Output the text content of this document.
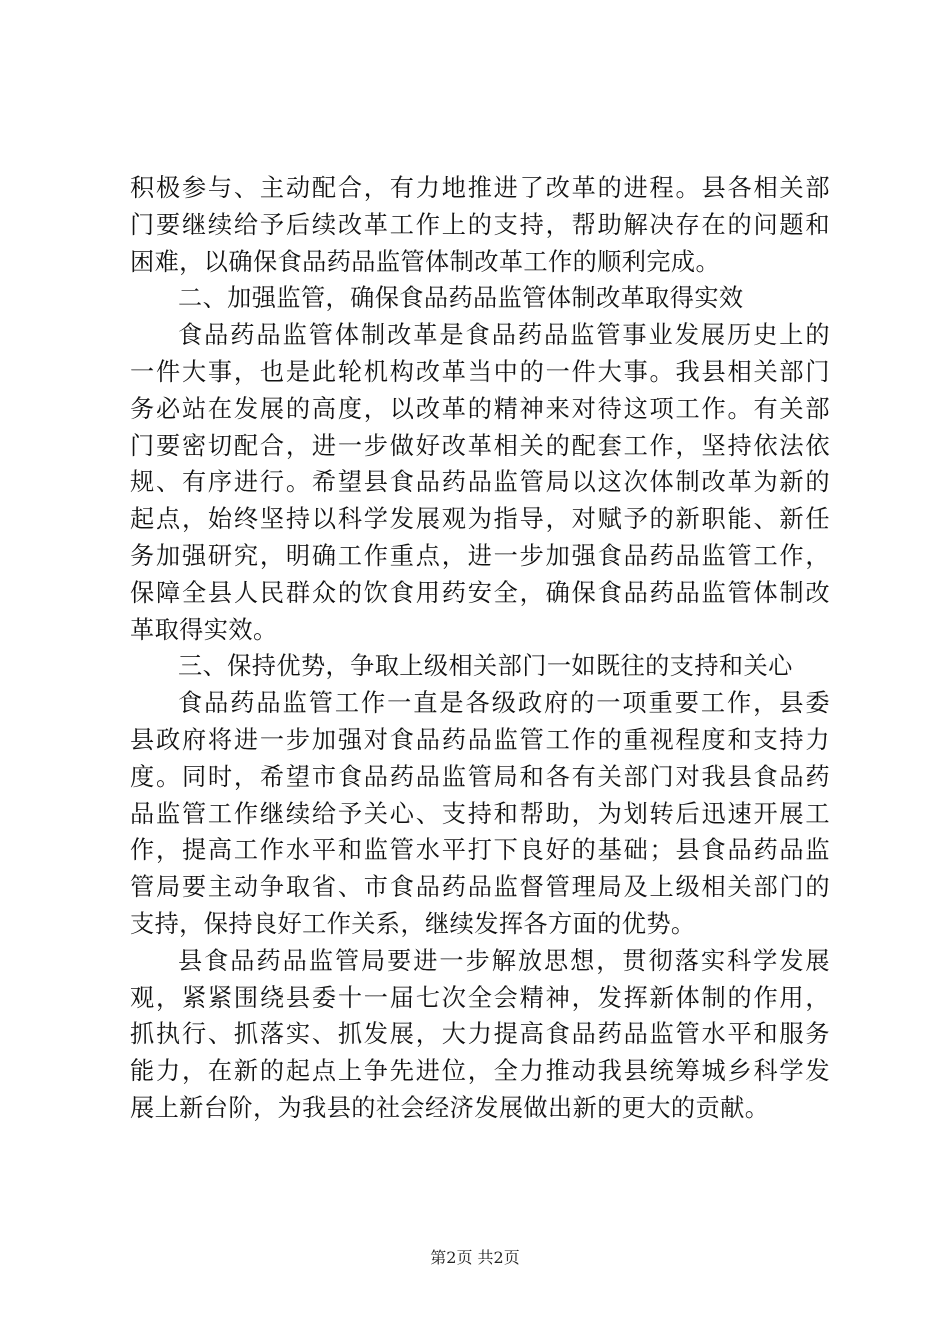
积极参与、主动配合，有力地推进了改革的进程。县各相关部
门要继续给予后续改革工作上的支持，帮助解决存在的问题和
困难，以确保食品药品监管体制改革工作的顺利完成。
二、加强监管，确保食品药品监管体制改革取得实效
食品药品监管体制改革是食品药品监管事业发展历史上的
一件大事，也是此轮机构改革当中的一件大事。我县相关部门
务必站在发展的高度，以改革的精神来对待这项工作。有关部
门要密切配合，进一步做好改革相关的配套工作，坚持依法依
规、有序进行。希望县食品药品监管局以这次体制改革为新的
起点，始终坚持以科学发展观为指导，对赋予的新职能、新任
务加强研究，明确工作重点，进一步加强食品药品监管工作，
保障全县人民群众的饮食用药安全，确保食品药品监管体制改
革取得实效。
三、保持优势，争取上级相关部门一如既往的支持和关心
食品药品监管工作一直是各级政府的一项重要工作，县委
县政府将进一步加强对食品药品监管工作的重视程度和支持力
度。同时，希望市食品药品监管局和各有关部门对我县食品药
品监管工作继续给予关心、支持和帮助，为划转后迅速开展工
作，提高工作水平和监管水平打下良好的基础；县食品药品监
管局要主动争取省、市食品药品监督管理局及上级相关部门的
支持，保持良好工作关系，继续发挥各方面的优势。
县食品药品监管局要进一步解放思想，贯彻落实科学发展
观，紧紧围绕县委十一届七次全会精神，发挥新体制的作用，
抓执行、抓落实、抓发展，大力提高食品药品监管水平和服务
能力，在新的起点上争先进位，全力推动我县统筹城乡科学发
展上新台阶，为我县的社会经济发展做出新的更大的贡献。
第2页 共2页
